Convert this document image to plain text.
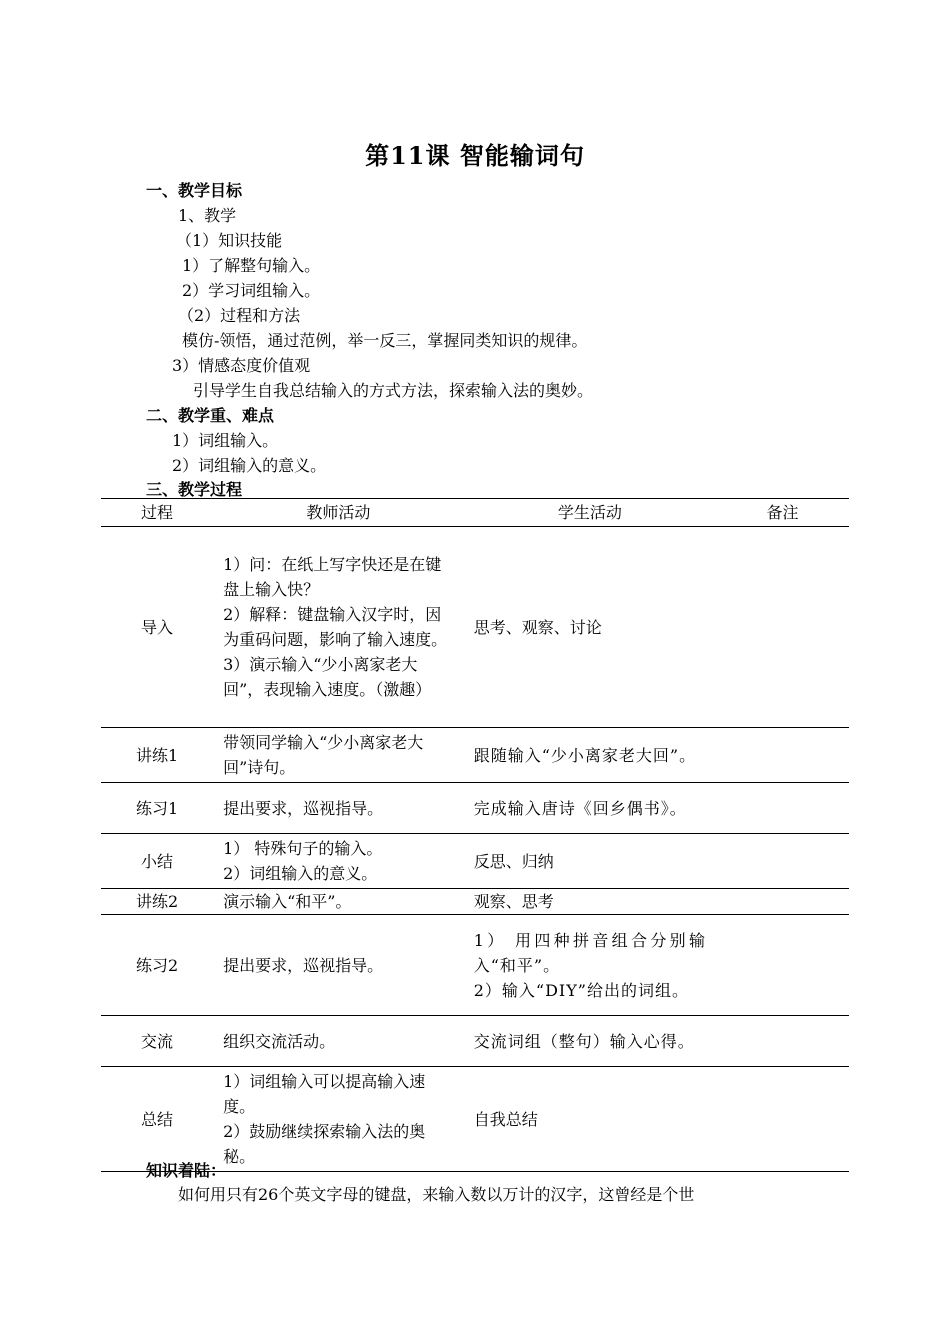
第11课 智能输词句
一、教学目标
1、教学
（1）知识技能
1）了解整句输入。
2）学习词组输入。
（2）过程和方法
模仿-领悟，通过范例，举一反三，掌握同类知识的规律。
3）情感态度价值观
引导学生自我总结输入的方式方法，探索输入法的奥妙。
二、教学重、难点
1）词组输入。
2）词组输入的意义。
三、教学过程
过程	教师活动	学生活动	备注
导入	1）问：在纸上写字快还是在键盘上输入快？
2）解释：键盘输入汉字时，因为重码问题，影响了输入速度。
3）演示输入“少小离家老大回”，表现输入速度。（激趣）	思考、观察、讨论	

讲练1	带领同学输入“少小离家老大回”诗句。	跟随输入“少小离家老大回”。	

练习1	提出要求，巡视指导。	完成输入唐诗《回乡偶书》。	

小结	1） 特殊句子的输入。
2）词组输入的意义。	反思、归纳	

讲练2	演示输入“和平”。	观察、思考	

练习2	提出要求，巡视指导。	1） 用四种拼音组合分别输入“和平”。
2）输入“DIY”给出的词组。	

交流	组织交流活动。	交流词组（整句）输入心得。	

总结	1）词组输入可以提高输入速度。
2）鼓励继续探索输入法的奥秘。	自我总结	

知识着陆：
如何用只有26个英文字母的键盘，来输入数以万计的汉字，这曾经是个世
